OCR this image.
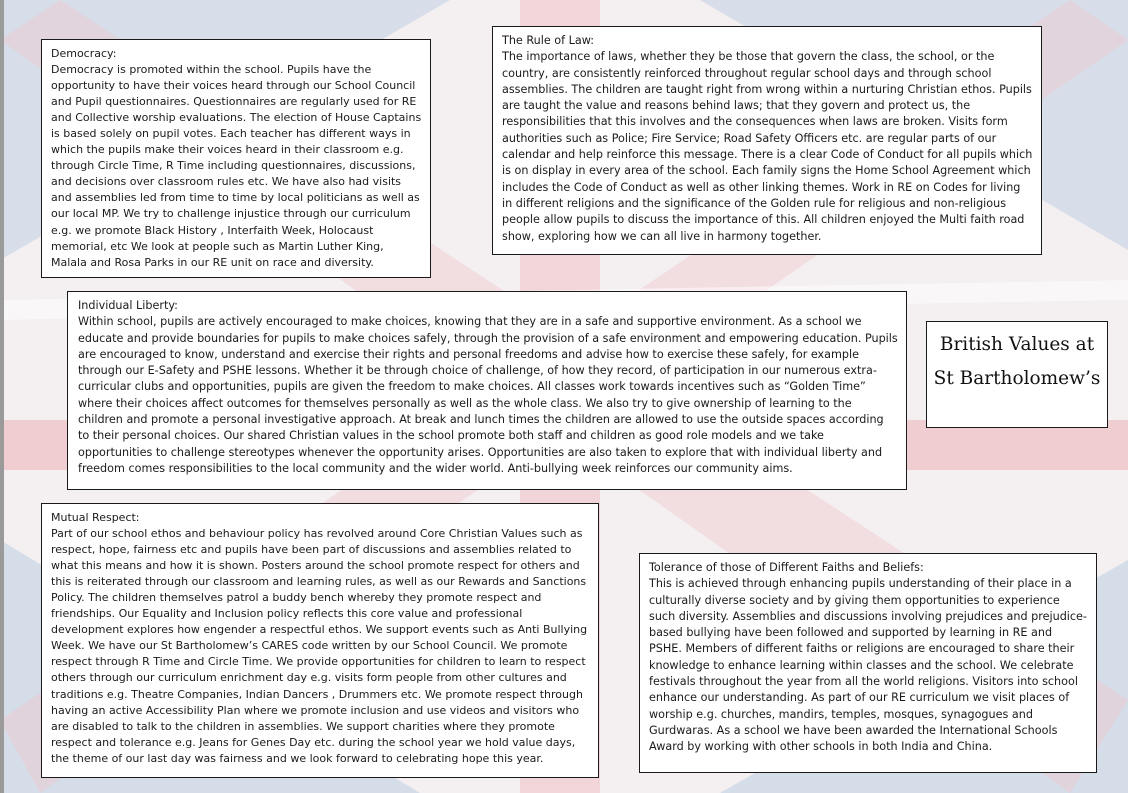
Democracy:
Democracy is promoted within the school. Pupils have the opportunity to have their voices heard through our School Council and Pupil questionnaires. Questionnaires are regularly used for RE and Collective worship evaluations. The election of House Captains is based solely on pupil votes. Each teacher has different ways in which the pupils make their voices heard in their classroom e.g. through Circle Time, R Time including questionnaires, discussions, and decisions over classroom rules etc. We have also had visits and assemblies led from time to time by local politicians as well as our local MP. We try to challenge injustice through our curriculum e.g. we promote Black History , Interfaith Week, Holocaust memorial, etc We look at people such as Martin Luther King, Malala and Rosa Parks in our RE unit on race and diversity.
The Rule of Law:
The importance of laws, whether they be those that govern the class, the school, or the country, are consistently reinforced throughout regular school days and through school assemblies. The children are taught right from wrong within a nurturing Christian ethos. Pupils are taught the value and reasons behind laws; that they govern and protect us, the responsibilities that this involves and the consequences when laws are broken. Visits form authorities such as Police; Fire Service; Road Safety Officers etc. are regular parts of our calendar and help reinforce this message. There is a clear Code of Conduct for all pupils which is on display in every area of the school. Each family signs the Home School Agreement which includes the Code of Conduct as well as other linking themes. Work in RE on Codes for living in different religions and the significance of the Golden rule for religious and non-religious people allow pupils to discuss the importance of this. All children enjoyed the Multi faith road show, exploring how we can all live in harmony together.
Individual Liberty:
Within school, pupils are actively encouraged to make choices, knowing that they are in a safe and supportive environment. As a school we educate and provide boundaries for pupils to make choices safely, through the provision of a safe environment and empowering education. Pupils are encouraged to know, understand and exercise their rights and personal freedoms and advise how to exercise these safely, for example through our E-Safety and PSHE lessons. Whether it be through choice of challenge, of how they record, of participation in our numerous extra-curricular clubs and opportunities, pupils are given the freedom to make choices. All classes work towards incentives such as “Golden Time” where their choices affect outcomes for themselves personally as well as the whole class. We also try to give ownership of learning to the children and promote a personal investigative approach. At break and lunch times the children are allowed to use the outside spaces according to their personal choices. Our shared Christian values in the school promote both staff and children as good role models and we take opportunities to challenge stereotypes whenever the opportunity arises. Opportunities are also taken to explore that with individual liberty and freedom comes responsibilities to the local community and the wider world. Anti-bullying week reinforces our community aims.
British Values at
St Bartholomew’s
Mutual Respect:
Part of our school ethos and behaviour policy has revolved around Core Christian Values such as respect, hope, fairness etc and pupils have been part of discussions and assemblies related to what this means and how it is shown. Posters around the school promote respect for others and this is reiterated through our classroom and learning rules, as well as our Rewards and Sanctions Policy. The children themselves patrol a buddy bench whereby they promote respect and friendships. Our Equality and Inclusion policy reflects this core value and professional development explores how engender a respectful ethos. We support events such as Anti Bullying Week. We have our St Bartholomew’s CARES code written by our School Council. We promote respect through R Time and Circle Time. We provide opportunities for children to learn to respect others through our curriculum enrichment day e.g. visits form people from other cultures and traditions e.g. Theatre Companies, Indian Dancers , Drummers etc. We promote respect through having an active Accessibility Plan where we promote inclusion and use videos and visitors who are disabled to talk to the children in assemblies. We support charities where they promote respect and tolerance e.g. Jeans for Genes Day etc. during the school year we hold value days, the theme of our last day was fairness and we look forward to celebrating hope this year.
Tolerance of those of Different Faiths and Beliefs:
This is achieved through enhancing pupils understanding of their place in a culturally diverse society and by giving them opportunities to experience such diversity. Assemblies and discussions involving prejudices and prejudice-based bullying have been followed and supported by learning in RE and PSHE. Members of different faiths or religions are encouraged to share their knowledge to enhance learning within classes and the school. We celebrate festivals throughout the year from all the world religions. Visitors into school enhance our understanding. As part of our RE curriculum we visit places of worship e.g. churches, mandirs, temples, mosques, synagogues and Gurdwaras. As a school we have been awarded the International Schools Award by working with other schools in both India and China.
